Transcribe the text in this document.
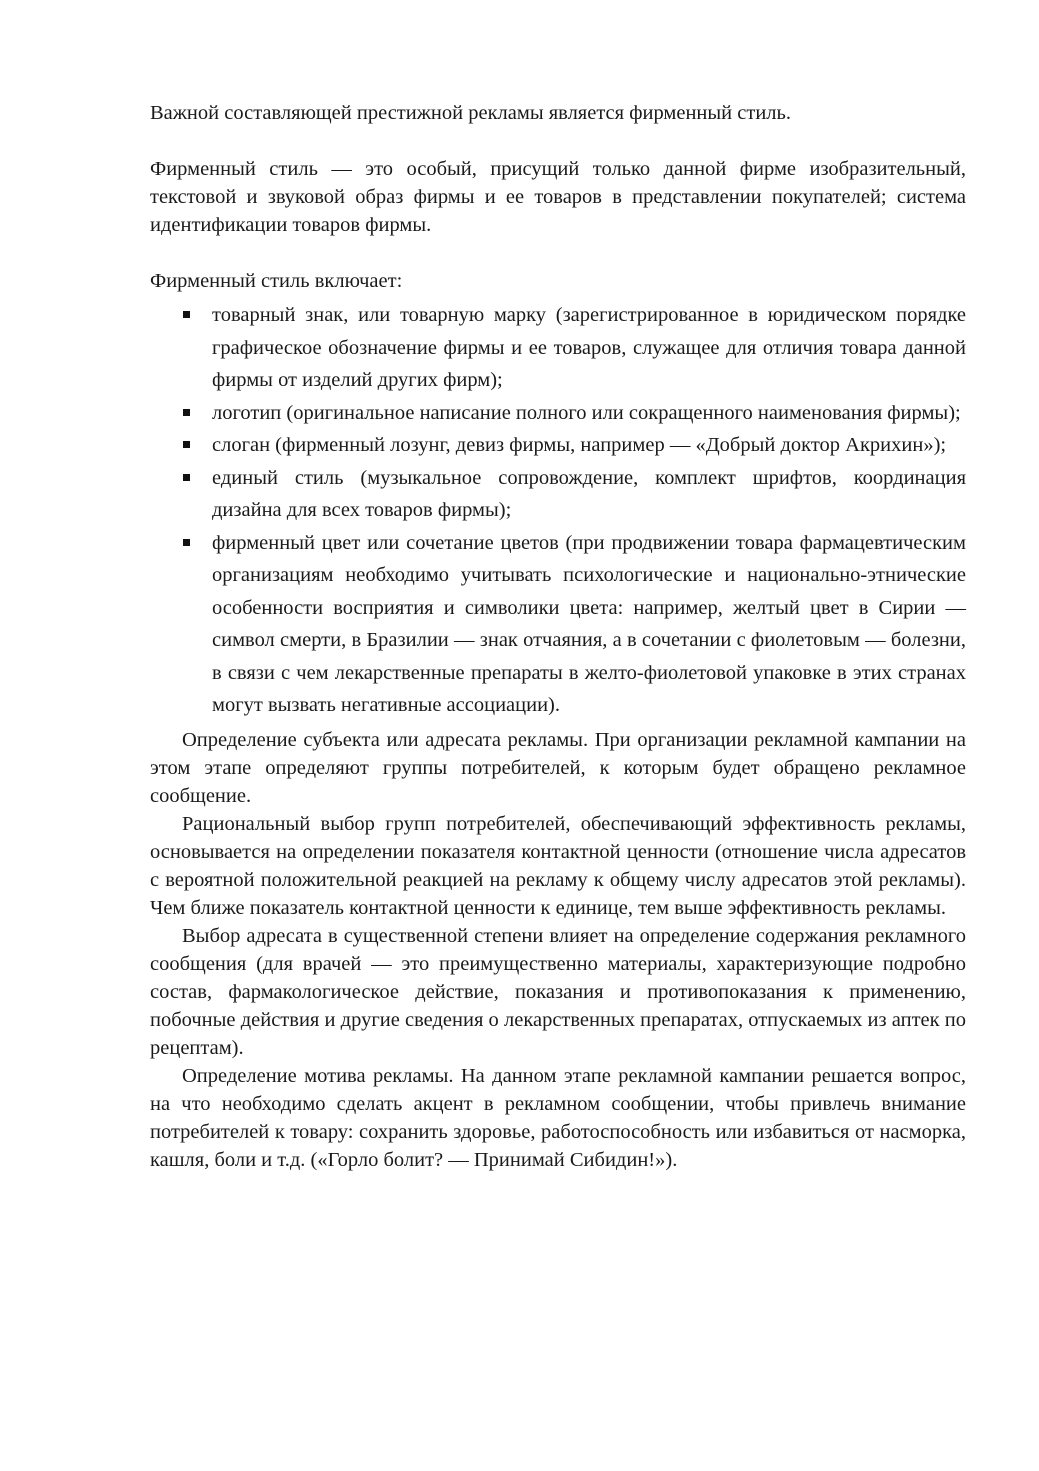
Важной составляющей престижной рекламы является фирменный стиль.

Фирменный стиль — это особый, присущий только данной фирме изобразительный, текстовой и звуковой образ фирмы и ее товаров в представлении покупателей; система идентификации товаров фирмы.

Фирменный стиль включает:

товарный знак, или товарную марку (зарегистрированное в юридическом порядке графическое обозначение фирмы и ее товаров, служащее для отличия товара данной фирмы от изделий других фирм);
логотип (оригинальное написание полного или сокращенного наименования фирмы);
слоган (фирменный лозунг, девиз фирмы, например — «Добрый доктор Акрихин»);
единый стиль (музыкальное сопровождение, комплект шрифтов, координация дизайна для всех товаров фирмы);
фирменный цвет или сочетание цветов (при продвижении товара фармацевтическим организациям необходимо учитывать психологические и национально-этнические особенности восприятия и символики цвета: например, желтый цвет в Сирии — символ смерти, в Бразилии — знак отчаяния, а в сочетании с фиолетовым — болезни, в связи с чем лекарственные препараты в желто-фиолетовой упаковке в этих странах могут вызвать негативные ассоциации).

Определение субъекта или адресата рекламы. При организации рекламной кампании на этом этапе определяют группы потребителей, к которым будет обращено рекламное сообщение.

Рациональный выбор групп потребителей, обеспечивающий эффективность рекламы, основывается на определении показателя контактной ценности (отношение числа адресатов с вероятной положительной реакцией на рекламу к общему числу адресатов этой рекламы). Чем ближе показатель контактной ценности к единице, тем выше эффективность рекламы.

Выбор адресата в существенной степени влияет на определение содержания рекламного сообщения (для врачей — это преимущественно материалы, характеризующие подробно состав, фармакологическое действие, показания и противопоказания к применению, побочные действия и другие сведения о лекарственных препаратах, отпускаемых из аптек по рецептам).

Определение мотива рекламы. На данном этапе рекламной кампании решается вопрос, на что необходимо сделать акцент в рекламном сообщении, чтобы привлечь внимание потребителей к товару: сохранить здоровье, работоспособность или избавиться от насморка, кашля, боли и т.д. («Горло болит? — Принимай Сибидин!»).
